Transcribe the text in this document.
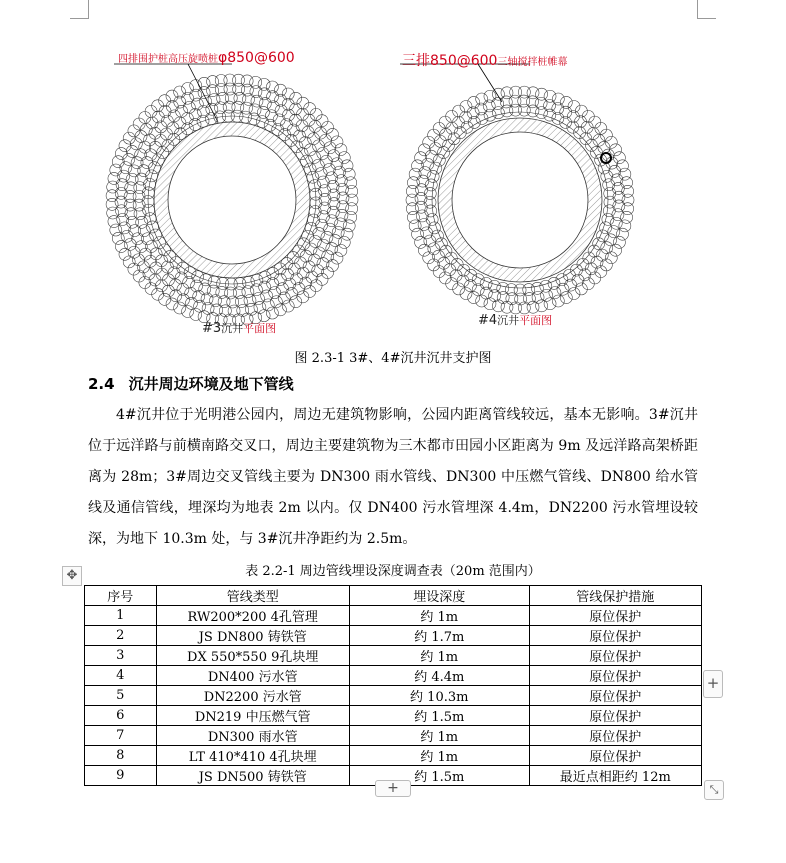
四排围护桩高压旋喷桩φ850@600	三排850@600三轴搅拌桩帷幕
#3沉井平面图
#4沉井平面图
图 2.3-1 3#、4#沉井沉井支护图
2.4 沉井周边环境及地下管线

4#沉井位于光明港公园内，周边无建筑物影响，公园内距离管线较远，基本无影响。3#沉井位于远洋路与前横南路交叉口，周边主要建筑物为三木都市田园小区距离为 9m 及远洋路高架桥距离为 28m；3#周边交叉管线主要为 DN300 雨水管线、DN300 中压燃气管线、DN800 给水管线及通信管线，埋深均为地表 2m 以内。仅 DN400 污水管埋深 4.4m，DN2200 污水管埋设较深，为地下 10.3m 处，与 3#沉井净距约为 2.5m。

表 2.2-1 周边管线埋设深度调查表（20m 范围内）
✥
序号	管线类型	埋设深度	管线保护措施
1	RW200*200 4孔管理	约 1m	原位保护
2	JS DN800 铸铁管	约 1.7m	原位保护
3	DX 550*550 9孔块埋	约 1m	原位保护
4	DN400 污水管	约 4.4m	原位保护
5	DN2200 污水管	约 10.3m	原位保护
6	DN219 中压燃气管	约 1.5m	原位保护
7	DN300 雨水管	约 1m	原位保护
8	LT 410*410 4孔块埋	约 1m	原位保护
9	JS DN500 铸铁管	约 1.5m	最近点相距约 12m
+
+	⤡
